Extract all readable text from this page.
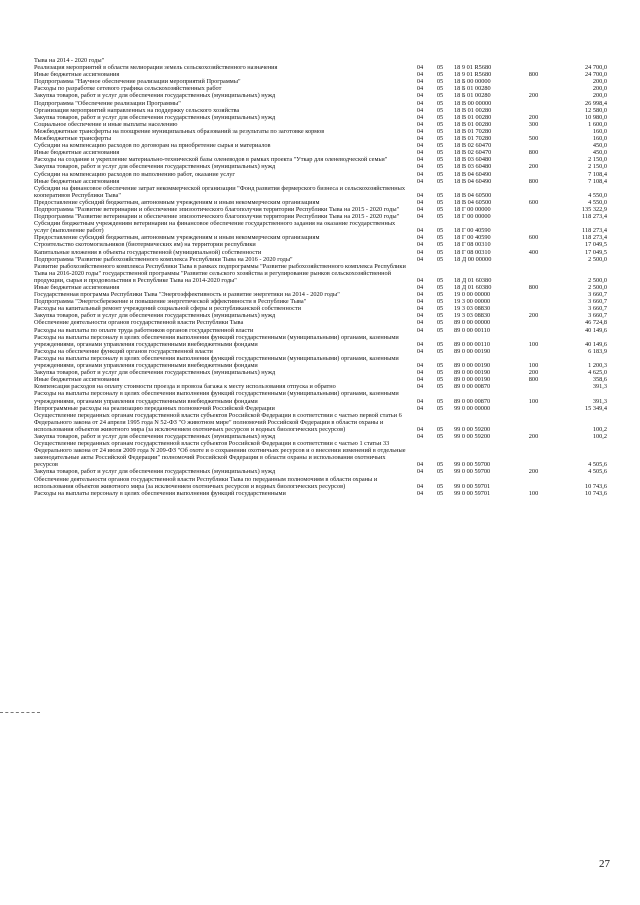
Тыва на 2014 - 2020 годы"
Реализация мероприятий в области мелиорации земель сельскохозяйственного назначения	04	05	18 9 01 R5680	24 700,0
Иные бюджетные ассигнования	04	05	18 9 01 R5680	800	24 700,0
Подпрограмма "Научное обеспечение реализации мероприятий Программы"	04	05	18 Б 00 00000	200,0
Расходы по разработке сетевого графика сельскохозяйственных работ	04	05	18 Б 01 00280	200,0
Закупка товаров, работ и услуг для обеспечения государственных (муниципальных) нужд	04	05	18 Б 01 00280	200	200,0
Подпрограмма "Обеспечение реализации Программы"	04	05	18 В 00 00000	26 998,4
Организация мероприятий направленных на поддержку сельского хозяйства	04	05	18 В 01 00280	12 580,0
Закупка товаров, работ и услуг для обеспечения государственных (муниципальных) нужд	04	05	18 В 01 00280	200	10 980,0
Социальное обеспечение и иные выплаты населению	04	05	18 В 01 00280	300	1 600,0
Межбюджетные трансферты на поощрение муниципальных образований за результаты по заготовке кормов	04	05	18 В 01 70280	160,0
Межбюджетные трансферты	04	05	18 В 01 70280	500	160,0
Субсидии на компенсацию расходов по договорам на приобретение сырья и материалов	04	05	18 В 02 60470	450,0
Иные бюджетные ассигнования	04	05	18 В 02 60470	800	450,0
Расходы на создание и укрепление материально-технической базы оленеводов в рамках проекта "Уткар для оленеводческой семьи"	04	05	18 В 03 60480	2 150,0
Закупка товаров, работ и услуг для обеспечения государственных (муниципальных) нужд	04	05	18 В 03 60480	200	2 150,0
Субсидии на компенсацию расходов по выполнению работ, оказание услуг	04	05	18 В 04 60490	7 108,4
Иные бюджетные ассигнования	04	05	18 В 04 60490	800	7 108,4
Субсидии на финансовое обеспечение затрат некоммерческой организации "Фонд развития фермерского бизнеса и сельскохозяйственных кооперативов Республики Тыва"	04	05	18 В 04 60500	4 550,0
Предоставление субсидий бюджетным, автономным учреждениям и иным некоммерческим организациям	04	05	18 В 04 60500	600	4 550,0
Подпрограмма "Развитие ветеринарии и обеспечение эпизоотического благополучия территории Республики Тыва на 2015 - 2020 годы"	04	05	18 Г 00 00000	135 322,9
Подпрограмма "Развитие ветеринарии и обеспечение эпизоотического благополучия территории Республики Тыва на 2015 - 2020 годы"	04	05	18 Г 00 00000	118 273,4
Субсидии бюджетным учреждениям ветеринарии на финансовое обеспечение государственного задания на оказание государственных услуг (выполнение работ)	04	05	18 Г 00 40590	118 273,4
Предоставление субсидий бюджетным, автономным учреждениям и иным некоммерческим организациям	04	05	18 Г 00 40590	600	118 273,4
Строительство скотомогильников (биотермических ям) на территории республики	04	05	18 Г 08 00310	17 049,5
Капитальные вложения в объекты государственной (муниципальной) собственности	04	05	18 Г 08 00310	400	17 049,5
Подпрограмма "Развитие рыбохозяйственного комплекса Республики Тыва на 2016 - 2020 годы"	04	05	18 Д 00 00000	2 500,0
Развитие рыбохозяйственного комплекса Республики Тыва в рамках подпрограммы "Развитие рыбохозяйственного комплекса Республики Тыва на 2016-2020 годы" государственной программы "Развитие сельского хозяйства и регулирование рынков сельскохозяйственной продукции, сырья и продовольствия в Республике Тыва на 2014-2020 годы"	04	05	18 Д 01 60380	2 500,0
Иные бюджетные ассигнования	04	05	18 Д 01 60380	800	2 500,0
Государственная программа Республики Тыва "Энергоэффективность и развитие энергетики на 2014 - 2020 годы"	04	05	19 0 00 00000	3 660,7
Подпрограмма "Энергосбережение и повышение энергетической эффективности в Республике Тыва"	04	05	19 3 00 00000	3 660,7
Расходы на капитальный ремонт учреждений социальной сферы и республиканской собственности	04	05	19 3 03 08830	3 660,7
Закупка товаров, работ и услуг для обеспечения государственных (муниципальных) нужд	04	05	19 3 03 08830	200	3 660,7
Обеспечение деятельности органов государственной власти Республики Тыва	04	05	89 0 00 00000	46 724,8
Расходы на выплаты по оплате труда работников органов государственной власти	04	05	89 0 00 00110	40 149,6
Расходы на выплаты персоналу в целях обеспечения выполнения функций государственными (муниципальными) органами, казенными учреждениями, органами управления государственными внебюджетными фондами	04	05	89 0 00 00110	100	40 149,6
Расходы на обеспечение функций органов государственной власти	04	05	89 0 00 00190	6 183,9
Расходы на выплаты персоналу в целях обеспечения выполнения функций государственными (муниципальными) органами, казенными учреждениями, органами управления государственными внебюджетными фондами	04	05	89 0 00 00190	100	1 200,3
Закупка товаров, работ и услуг для обеспечения государственных (муниципальных) нужд	04	05	89 0 00 00190	200	4 625,0
Иные бюджетные ассигнования	04	05	89 0 00 00190	800	358,6
Компенсация расходов на оплату стоимости проезда и провоза багажа к месту использования отпуска и обратно	04	05	89 0 00 00870	391,3
Расходы на выплаты персоналу в целях обеспечения выполнения функций государственными (муниципальными) органами, казенными учреждениями, органами управления государственными внебюджетными фондами	04	05	89 0 00 00870	100	391,3
Непрограммные расходы на реализацию переданных полномочий Российской Федерации	04	05	99 0 00 00000	15 349,4
Осуществление переданных органам государственной власти субъектов Российской Федерации в соответствии с частью первой статьи 6 Федерального закона от 24 апреля 1995 года N 52-ФЗ "О животном мире" полномочий Российской Федерации в области охраны и использования объектов животного мира (за исключением охотничьих ресурсов и водных биологических ресурсов)	04	05	99 0 00 59200	100,2
Закупка товаров, работ и услуг для обеспечения государственных (муниципальных) нужд	04	05	99 0 00 59200	200	100,2
Осуществление переданных органам государственной власти субъектов Российской Федерации в соответствии с частью 1 статьи 33 Федерального закона от 24 июля 2009 года N 209-ФЗ "Об охоте и о сохранении охотничьих ресурсов и о внесении изменений в отдельные законодательные акты Российской Федерации" полномочий Российской Федерации в области охраны и использования охотничьих ресурсов	04	05	99 0 00 59700	4 505,6
Закупка товаров, работ и услуг для обеспечения государственных (муниципальных) нужд	04	05	99 0 00 59700	200	4 505,6
Обеспечение деятельности органов государственной власти Республики Тыва по переданным полномочиям в области охраны и использования объектов животного мира (за исключением охотничьих ресурсов и водных биологических ресурсов)	04	05	99 0 00 59701	10 743,6
Расходы на выплаты персоналу в целях обеспечения выполнения функций государственными	04	05	99 0 00 59701	100	10 743,6
27
